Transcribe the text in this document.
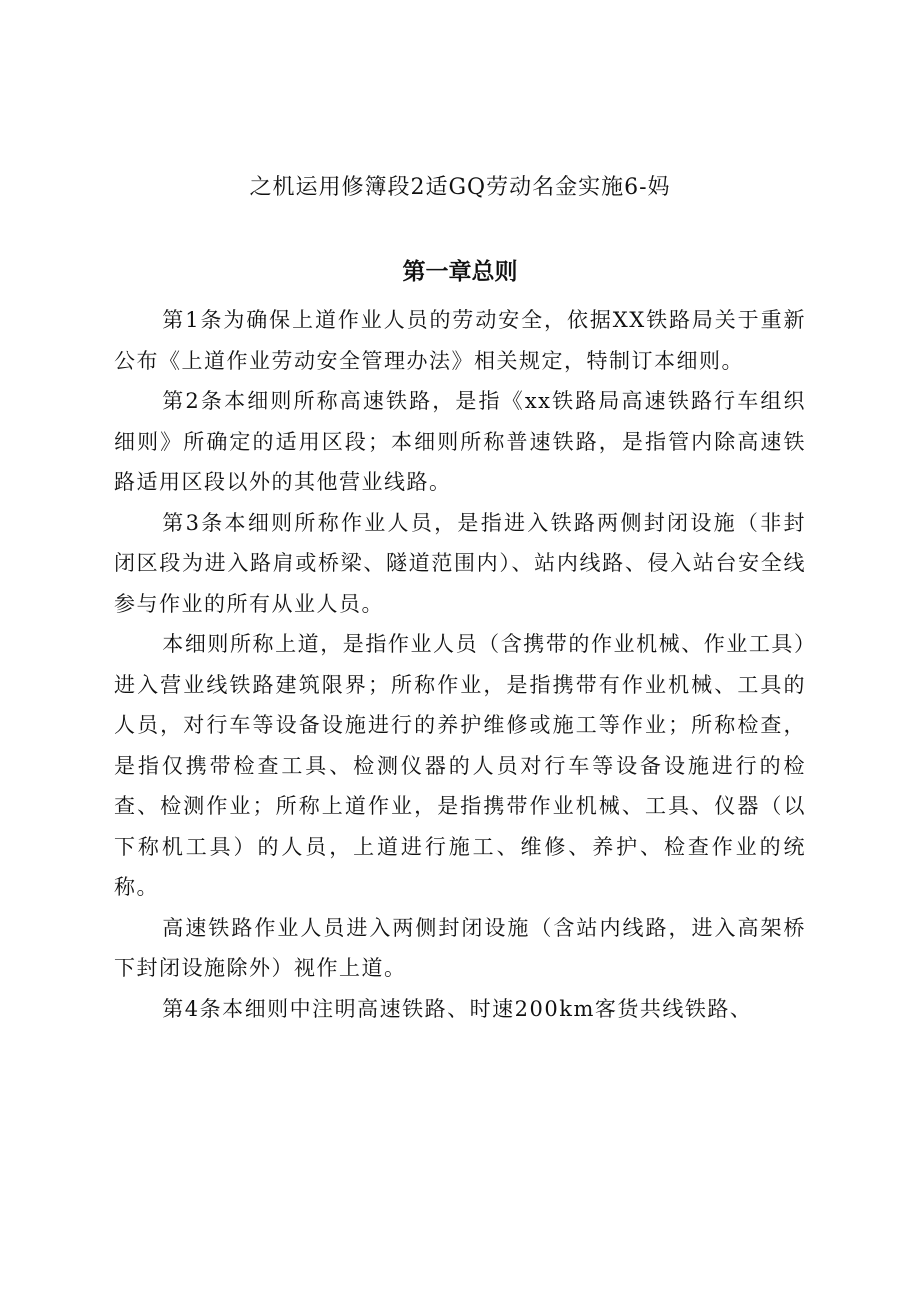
之机运用修簿段2适GQ劳动名金实施6-妈
第一章总则

第1条为确保上道作业人员的劳动安全，依据XX铁路局关于重新公布《上道作业劳动安全管理办法》相关规定，特制订本细则。

第2条本细则所称高速铁路，是指《xx铁路局高速铁路行车组织细则》所确定的适用区段；本细则所称普速铁路，是指管内除高速铁路适用区段以外的其他营业线路。

第3条本细则所称作业人员，是指进入铁路两侧封闭设施（非封闭区段为进入路肩或桥梁、隧道范围内）、站内线路、侵入站台安全线参与作业的所有从业人员。

本细则所称上道，是指作业人员（含携带的作业机械、作业工具）进入营业线铁路建筑限界；所称作业，是指携带有作业机械、工具的人员，对行车等设备设施进行的养护维修或施工等作业；所称检查，是指仅携带检查工具、检测仪器的人员对行车等设备设施进行的检查、检测作业；所称上道作业，是指携带作业机械、工具、仪器（以下称机工具）的人员，上道进行施工、维修、养护、检查作业的统称。

高速铁路作业人员进入两侧封闭设施（含站内线路，进入高架桥下封闭设施除外）视作上道。

第4条本细则中注明高速铁路、时速200km客货共线铁路、
